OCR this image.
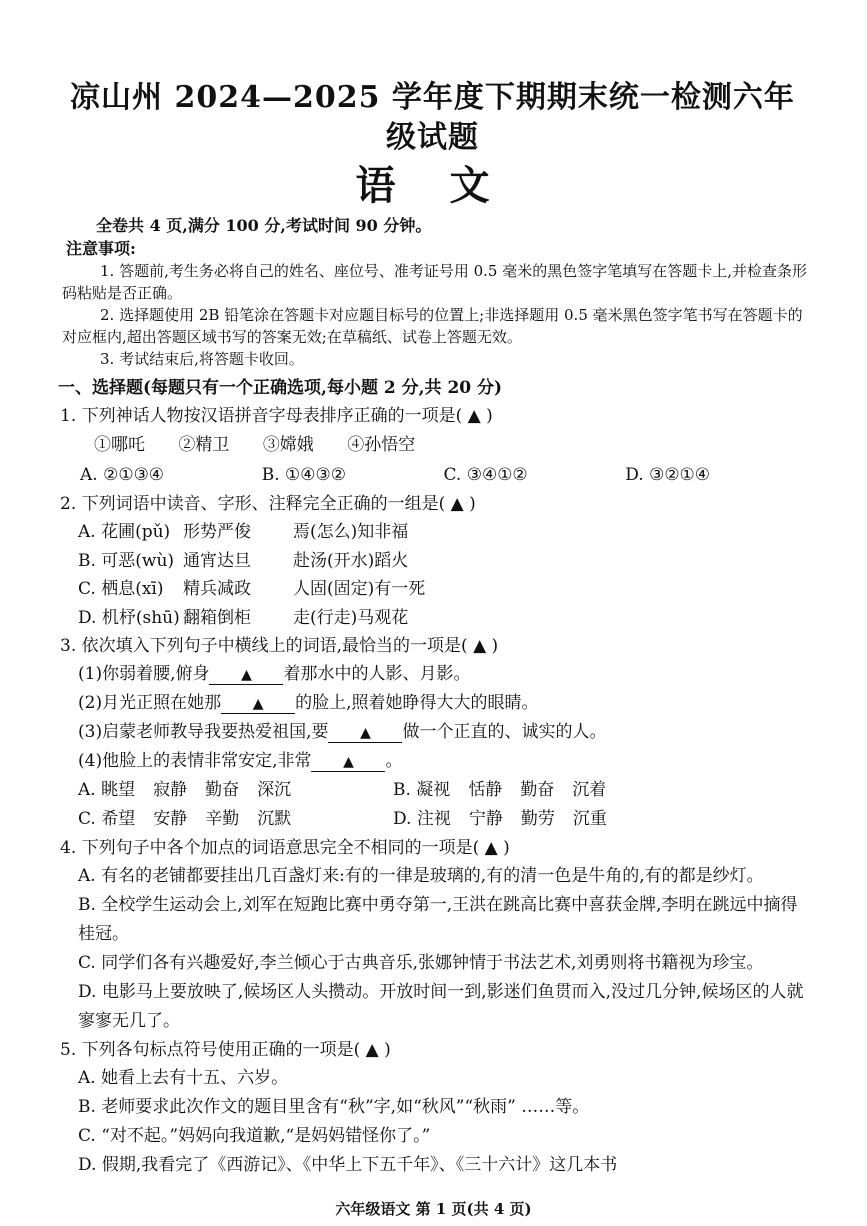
凉山州 2024—2025 学年度下期期末统一检测六年级试题
语 文
全卷共 4 页,满分 100 分,考试时间 90 分钟。
注意事项:
1. 答题前,考生务必将自己的姓名、座位号、准考证号用 0.5 毫米的黑色签字笔填写在答题卡上,并检查条形码粘贴是否正确。
2. 选择题使用 2B 铅笔涂在答题卡对应题目标号的位置上;非选择题用 0.5 毫米黑色签字笔书写在答题卡的对应框内,超出答题区域书写的答案无效;在草稿纸、试卷上答题无效。
3. 考试结束后,将答题卡收回。
一、选择题(每题只有一个正确选项,每小题 2 分,共 20 分)
1. 下列神话人物按汉语拼音字母表排序正确的一项是( ▲ )
①哪吒 ②精卫 ③嫦娥 ④孙悟空
A. ②①③④	B. ①④③②	C. ③④①②	D. ③②①④
2. 下列词语中读音、字形、注释完全正确的一组是( ▲ )
A. 花圃(pǔ) 形势严俊	焉(怎么)知非福
B. 可恶(wù) 通宵达旦	赴汤(开水)蹈火
C. 栖息(xī)	精兵减政	人固(固定)有一死
D. 机杼(shū) 翻箱倒柜	走(行走)马观花
3. 依次填入下列句子中横线上的词语,最恰当的一项是( ▲ )
(1)你弱着腰,俯身 ▲ 着那水中的人影、月影。
(2)月光正照在她那 ▲ 的脸上,照着她睁得大大的眼睛。
(3)启蒙老师教导我要热爱祖国,要 ▲ 做一个正直的、诚实的人。
(4)他脸上的表情非常安定,非常 ▲ 。
A. 眺望 寂静 勤奋 深沉	B. 凝视 恬静 勤奋 沉着
C. 希望 安静 辛勤 沉默	D. 注视 宁静 勤劳 沉重
4. 下列句子中各个加点的词语意思完全不相同的一项是( ▲ )
A. 有名的老铺都要挂出几百盏灯来:有的一律是玻璃的,有的清一色是牛角的,有的都是纱灯。
B. 全校学生运动会上,刘军在短跑比赛中勇夺第一,王洪在跳高比赛中喜获金牌,李明在跳远中摘得桂冠。
C. 同学们各有兴趣爱好,李兰倾心于古典音乐,张娜钟情于书法艺术,刘勇则将书籍视为珍宝。
D. 电影马上要放映了,候场区人头攒动。开放时间一到,影迷们鱼贯而入,没过几分钟,候场区的人就寥寥无几了。
5. 下列各句标点符号使用正确的一项是( ▲ )
A. 她看上去有十五、六岁。
B. 老师要求此次作文的题目里含有“秋”字,如“秋风”“秋雨” ……等。
C. “对不起。”妈妈向我道歉,“是妈妈错怪你了。”
D. 假期,我看完了《西游记》、《中华上下五千年》、《三十六计》这几本书
六年级语文 第 1 页(共 4 页)
